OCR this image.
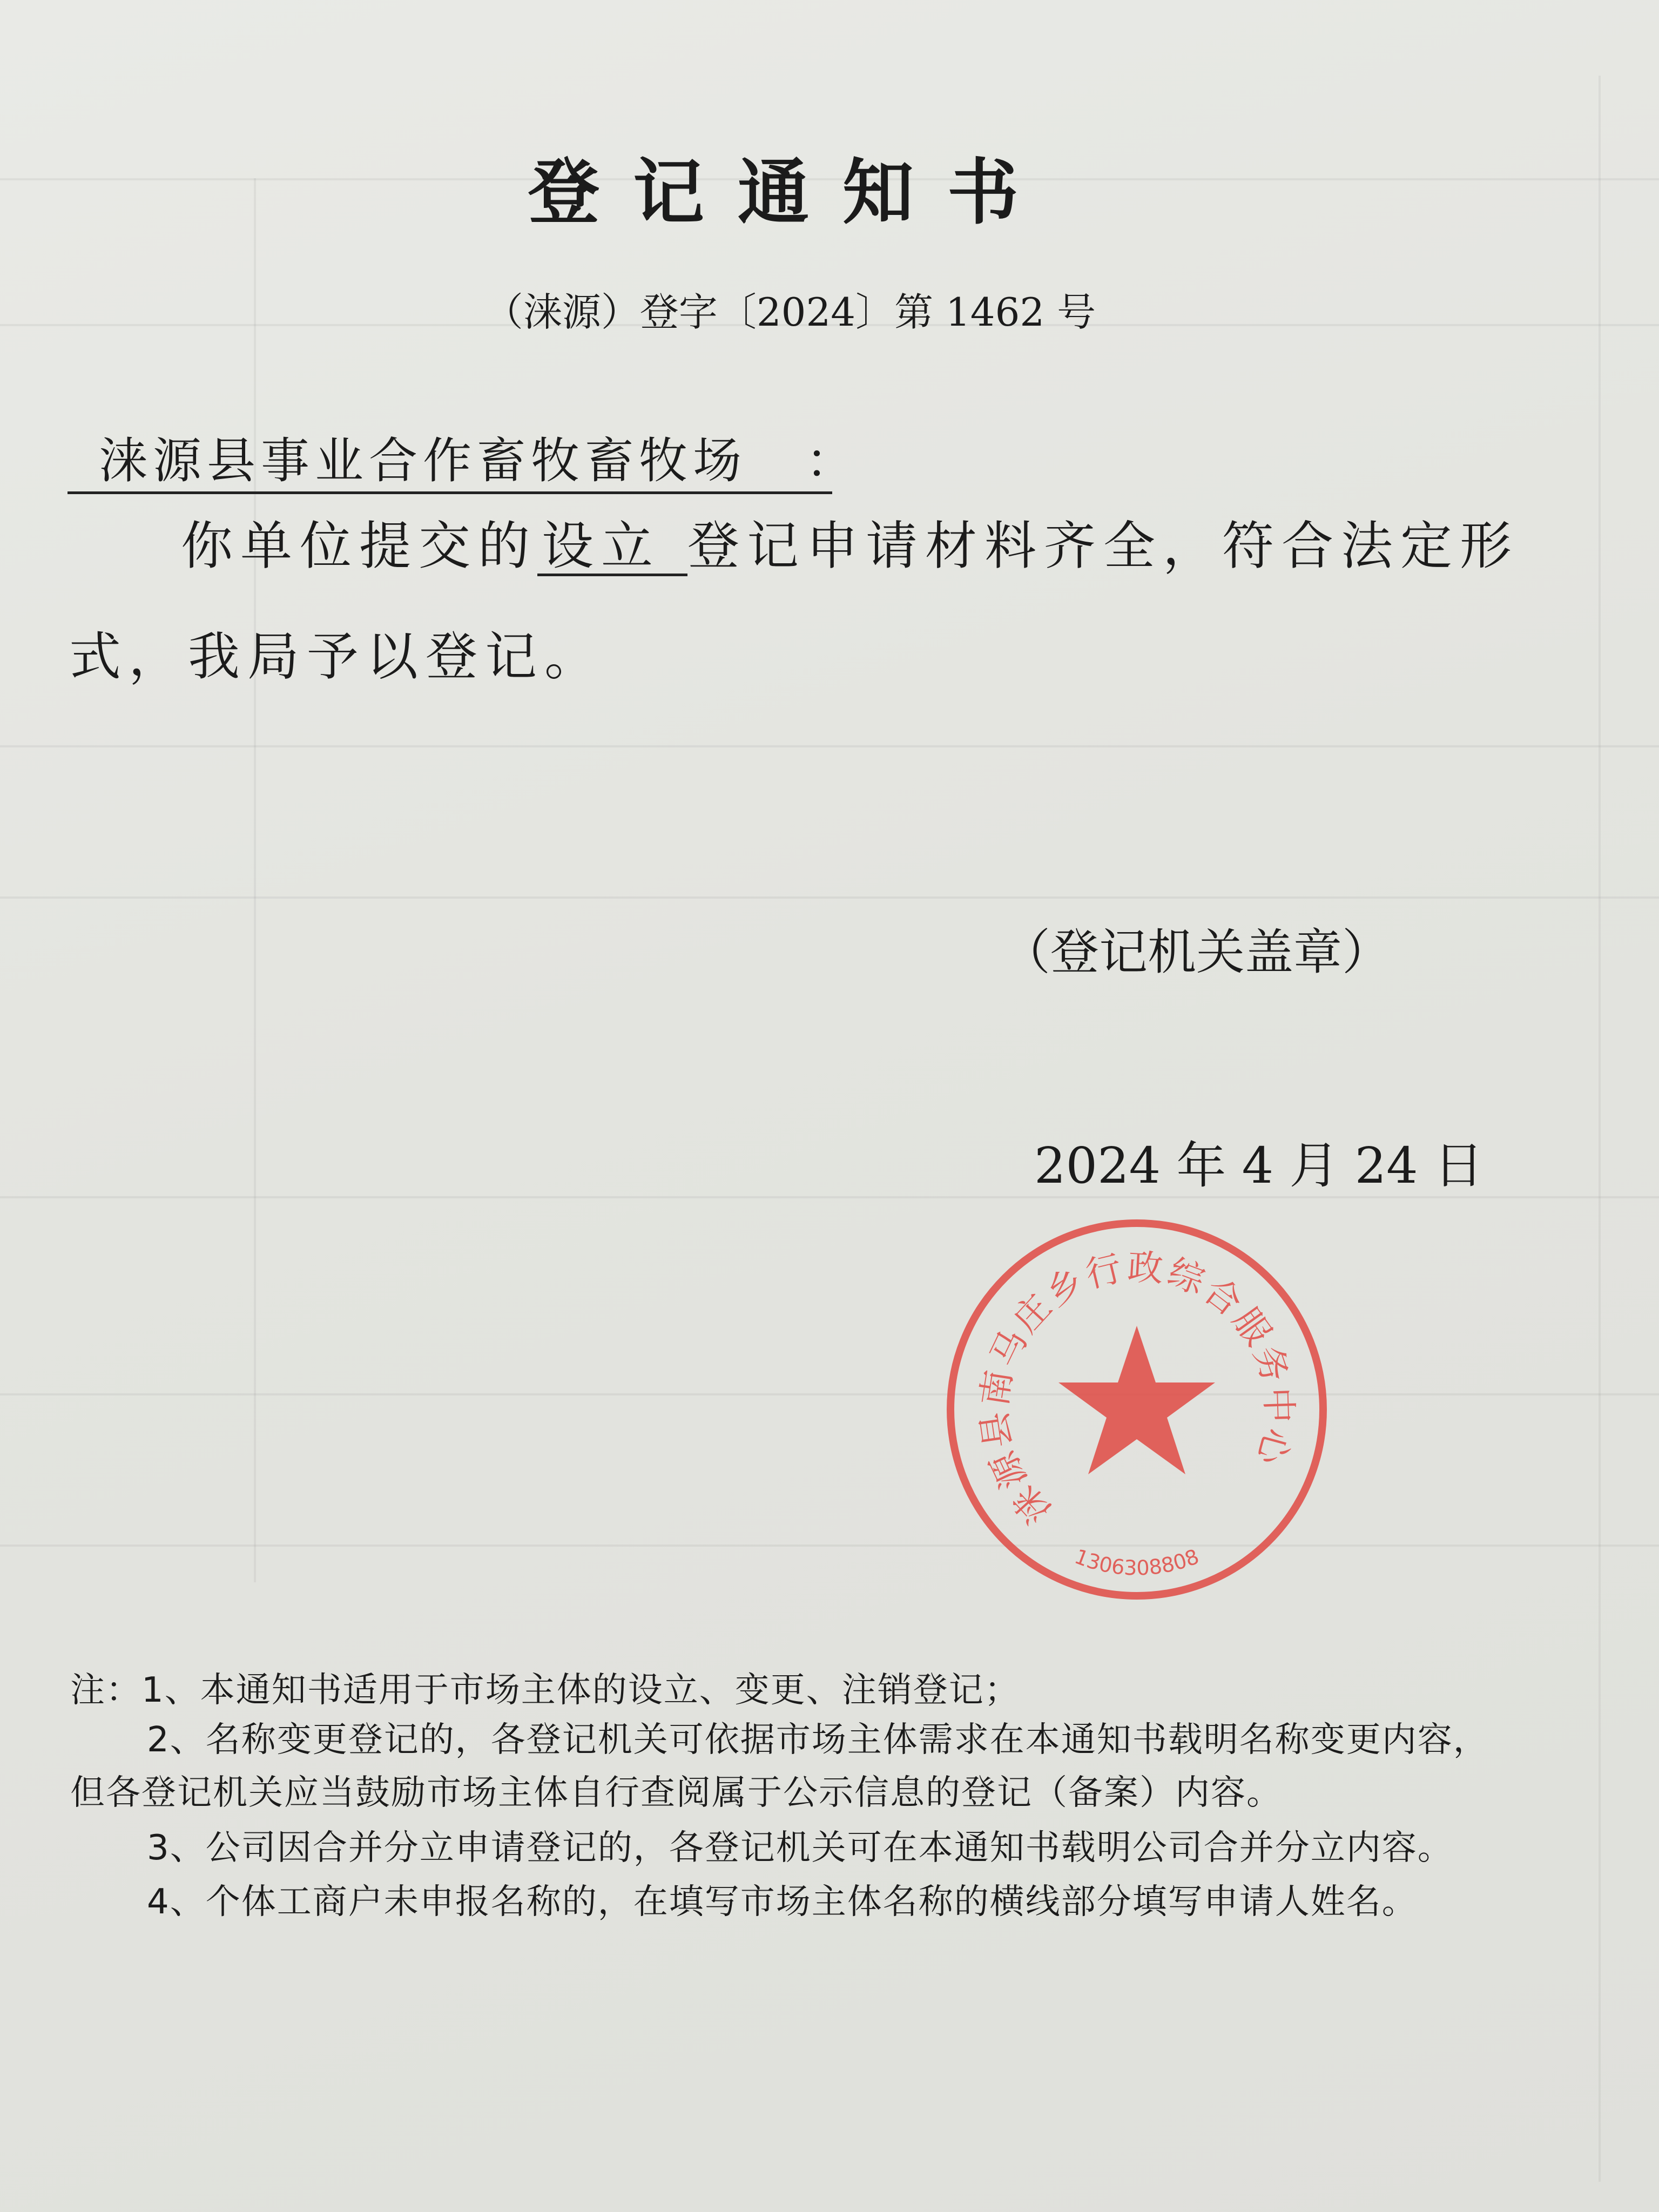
登记通知书
（涞源）登字〔2024〕第 1462 号
涞源县事业合作畜牧畜牧场 ：
你单位提交的设立 登记申请材料齐全，符合法定形
式，我局予以登记。
（登记机关盖章）
2024 年 4 月 24 日
涞源县南马庄乡行政综合服务中心
1306308808
注：1、本通知书适用于市场主体的设立、变更、注销登记；
2、名称变更登记的，各登记机关可依据市场主体需求在本通知书载明名称变更内容，
但各登记机关应当鼓励市场主体自行查阅属于公示信息的登记（备案）内容。
3、公司因合并分立申请登记的，各登记机关可在本通知书载明公司合并分立内容。
4、个体工商户未申报名称的，在填写市场主体名称的横线部分填写申请人姓名。
